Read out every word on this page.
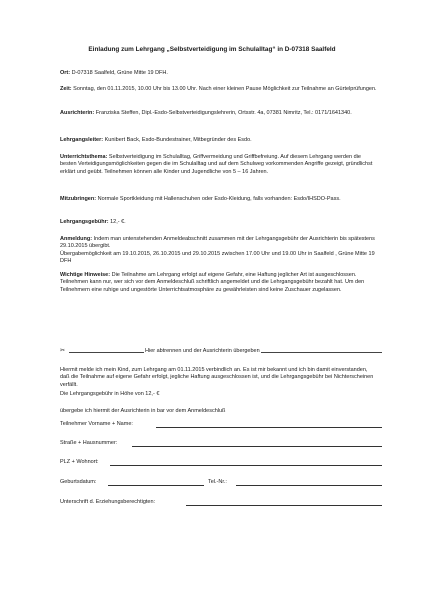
Einladung zum Lehrgang „Selbstverteidigung im Schulalltag“ in D-07318 Saalfeld
Ort: D-07318 Saalfeld, Grüne Mitte 19 DFH.
Zeit: Sonntag, den 01.11.2015, 10.00 Uhr bis 13.00 Uhr. Nach einer kleinen Pause Möglichkeit zur Teilnahme an Gürtelprüfungen.
Ausrichterin: Franziska Steffen, Dipl.-Esdo-Selbstverteidigungslehrerin, Ortsstr. 4a, 07381 Nimritz, Tel.: 0171/1641340.
Lehrgangsleiter: Kunibert Back, Esdo-Bundestrainer, Mitbegründer des Esdo.
Unterrichtsthema: Selbstverteidigung im Schulalltag, Griffvermeidung und Griffbefreiung. Auf diesem Lehrgang werden die besten Verteidigungsmöglichkeiten gegen die im Schulalltag und auf dem Schulweg vorkommenden Angriffe gezeigt, gründlichst erklärt und geübt. Teilnehmen können alle Kinder und Jugendliche von 5 – 16 Jahren.
Mitzubringen: Normale Sportkleidung mit Hallenschuhen oder Esdo-Kleidung, falls vorhanden: Esdo/IHSDO-Pass.
Lehrgangsgebühr: 12,- €.
Anmeldung: Indem man untenstehenden Anmeldeabschnitt zusammen mit der Lehrgangsgebühr der Ausrichterin bis spätestens 29.10.2015 übergibt.
Übergabemöglichkeit am 19.10.2015, 26.10.2015 und 29.10.2015 zwischen 17.00 Uhr und 19.00 Uhr in Saalfeld , Grüne Mitte 19 DFH
Wichtige Hinweise: Die Teilnahme am Lehrgang erfolgt auf eigene Gefahr, eine Haftung jeglicher Art ist ausgeschlossen. Teilnehmen kann nur, wer sich vor dem Anmeldeschluß schriftlich angemeldet und die Lehrgangsgebühr bezahlt hat. Um den Teilnehmern eine ruhige und ungestörte Unterrichtsatmosphäre zu gewährleisten sind keine Zuschauer zugelassen.
✂	Hier abtrennen und der Ausrichterin übergeben
Hiermit melde ich mein Kind, zum Lehrgang am 01.11.2015 verbindlich an. Es ist mir bekannt und ich bin damit einverstanden, daß die Teilnahme auf eigene Gefahr erfolgt, jegliche Haftung ausgeschlossen ist, und die Lehrgangsgebühr bei Nichterscheinen verfällt.
Die Lehrgangsgebühr in Höhe von 12,- €
übergebe ich hiermit der Ausrichterin in bar vor dem Anmeldeschluß
Teilnehmer Vorname + Name:
Straße + Hausnummer:
PLZ + Wohnort:
Geburtsdatum:	Tel.-Nr.:
Unterschrift d. Erziehungsberechtigten:
